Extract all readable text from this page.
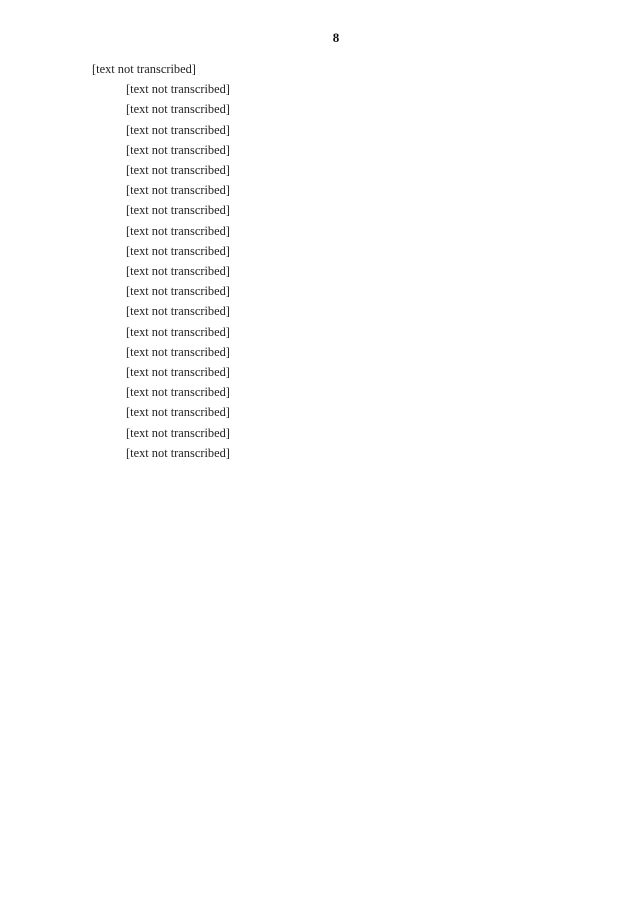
8

[text not transcribed]

[text not transcribed]

[text not transcribed]

[text not transcribed]

[text not transcribed]

[text not transcribed]

[text not transcribed]

[text not transcribed]

[text not transcribed]

[text not transcribed]

[text not transcribed]

[text not transcribed]

[text not transcribed]

[text not transcribed]

[text not transcribed]

[text not transcribed]

[text not transcribed]

[text not transcribed]

[text not transcribed]

[text not transcribed]
